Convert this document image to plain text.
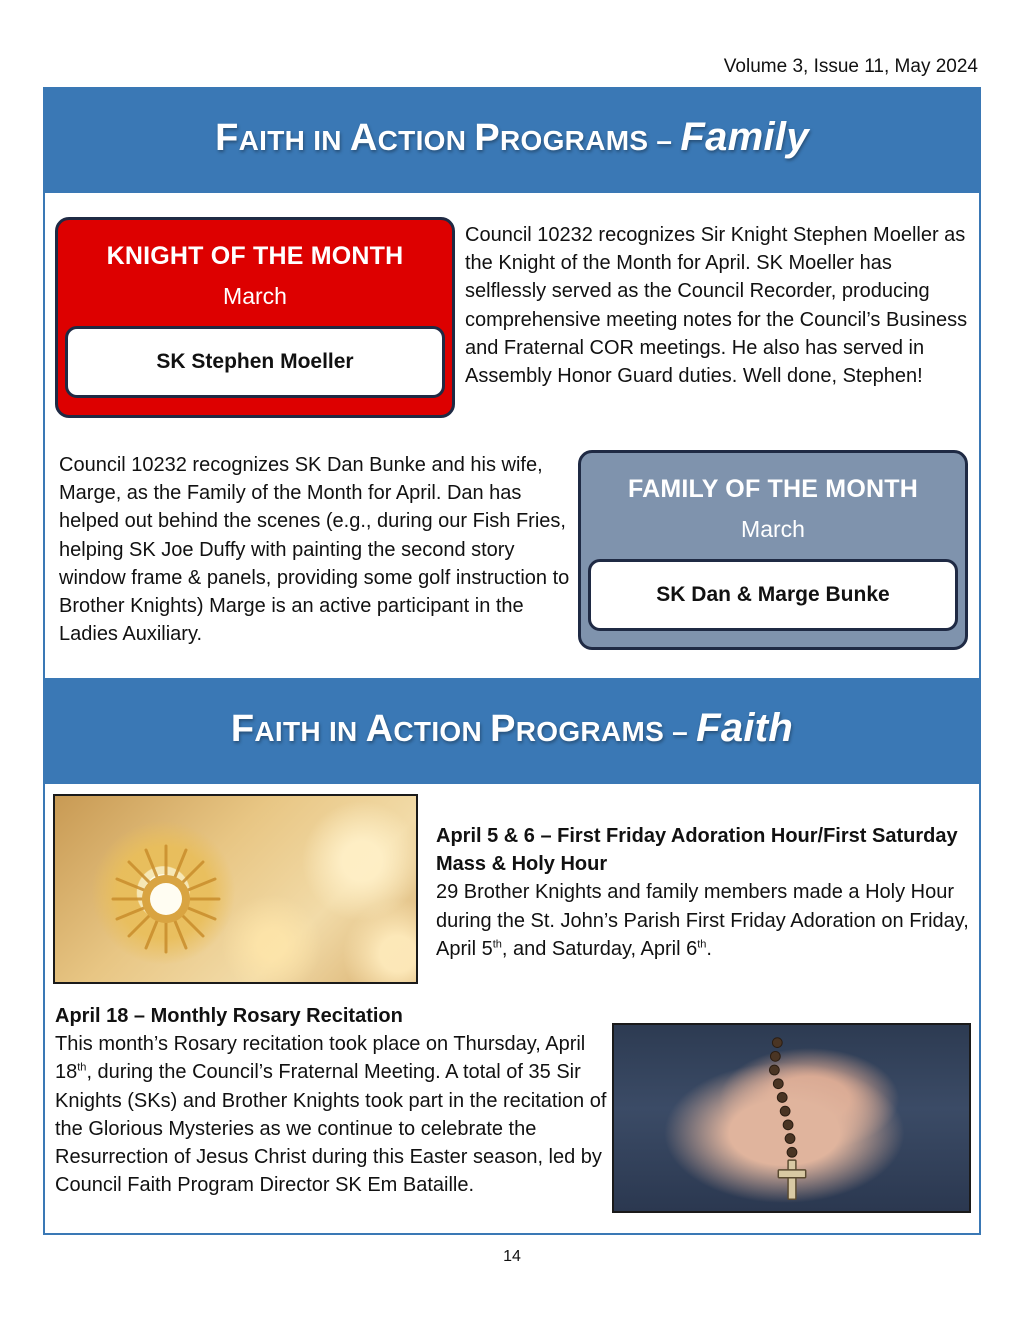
Volume 3, Issue 11, May 2024
FAITH IN ACTION PROGRAMS – Family
KNIGHT OF THE MONTH
March
SK Stephen Moeller
Council 10232 recognizes Sir Knight Stephen Moeller as the Knight of the Month for April. SK Moeller has selflessly served as the Council Recorder, producing comprehensive meeting notes for the Council’s Business and Fraternal COR meetings. He also has served in Assembly Honor Guard duties. Well done, Stephen!
Council 10232 recognizes SK Dan Bunke and his wife, Marge, as the Family of the Month for April. Dan has helped out behind the scenes (e.g., during our Fish Fries, helping SK Joe Duffy with painting the second story window frame & panels, providing some golf instruction to Brother Knights) Marge is an active participant in the Ladies Auxiliary.
FAMILY OF THE MONTH
March
SK Dan & Marge Bunke
FAITH IN ACTION PROGRAMS – Faith
April 5 & 6 – First Friday Adoration Hour/First Saturday Mass & Holy Hour
29 Brother Knights and family members made a Holy Hour during the St. John’s Parish First Friday Adoration on Friday, April 5th, and Saturday, April 6th.
April 18 – Monthly Rosary Recitation
This month’s Rosary recitation took place on Thursday, April 18th, during the Council’s Fraternal Meeting. A total of 35 Sir Knights (SKs) and Brother Knights took part in the recitation of the Glorious Mysteries as we continue to celebrate the Resurrection of Jesus Christ during this Easter season, led by Council Faith Program Director SK Em Bataille.
14
